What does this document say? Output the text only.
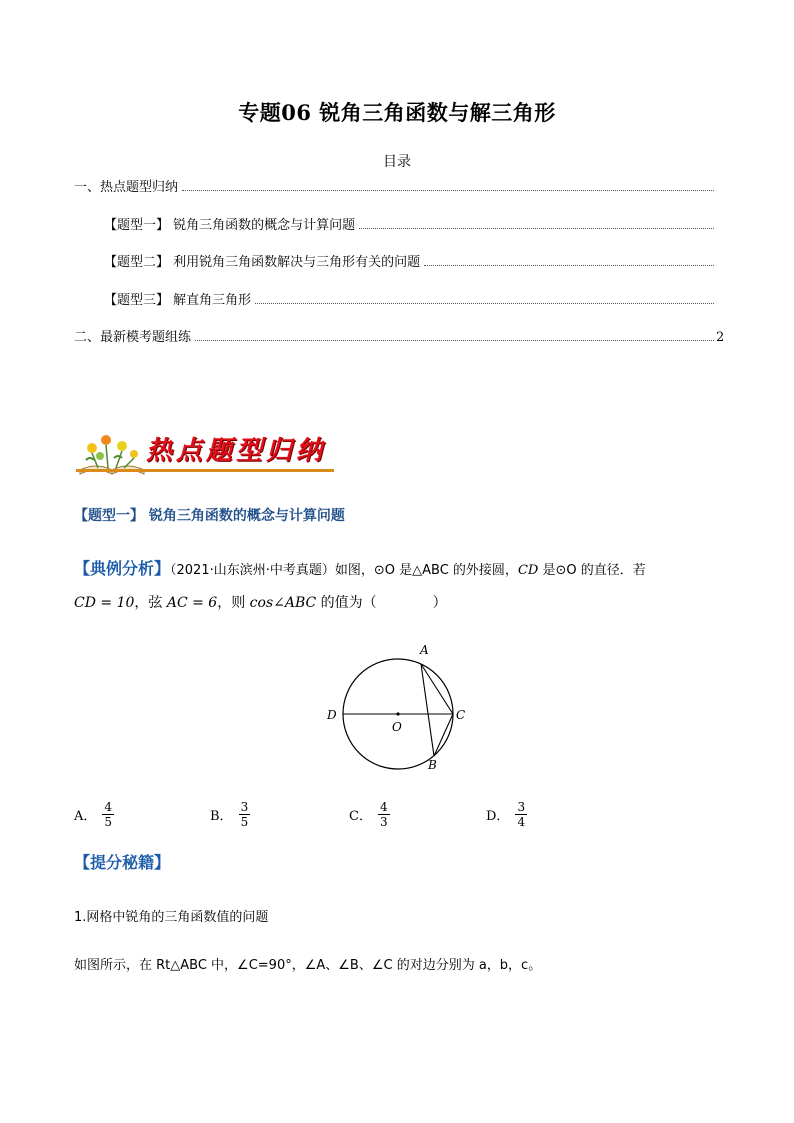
专题06 锐角三角函数与解三角形
目录
一、热点题型归纳
【题型一】 锐角三角函数的概念与计算问题
【题型二】 利用锐角三角函数解决与三角形有关的问题
【题型三】 解直角三角形
二、最新模考题组练	2
热点题型归纳
【题型一】 锐角三角函数的概念与计算问题
【典例分析】（2021·山东滨州·中考真题）如图，⊙O 是△ABC 的外接圆，CD 是⊙O 的直径．若
CD = 10，弦 AC = 6，则 cos∠ABC 的值为（　　　　）
A
B
C
D
O
A． $\frac{4}{5}$	B． $\frac{3}{5}$	C． $\frac{4}{3}$	D． $\frac{3}{4}$
【提分秘籍】
1.网格中锐角的三角函数值的问题
如图所示，在 Rt△ABC 中，∠C=90°，∠A、∠B、∠C 的对边分别为 a，b，c。
